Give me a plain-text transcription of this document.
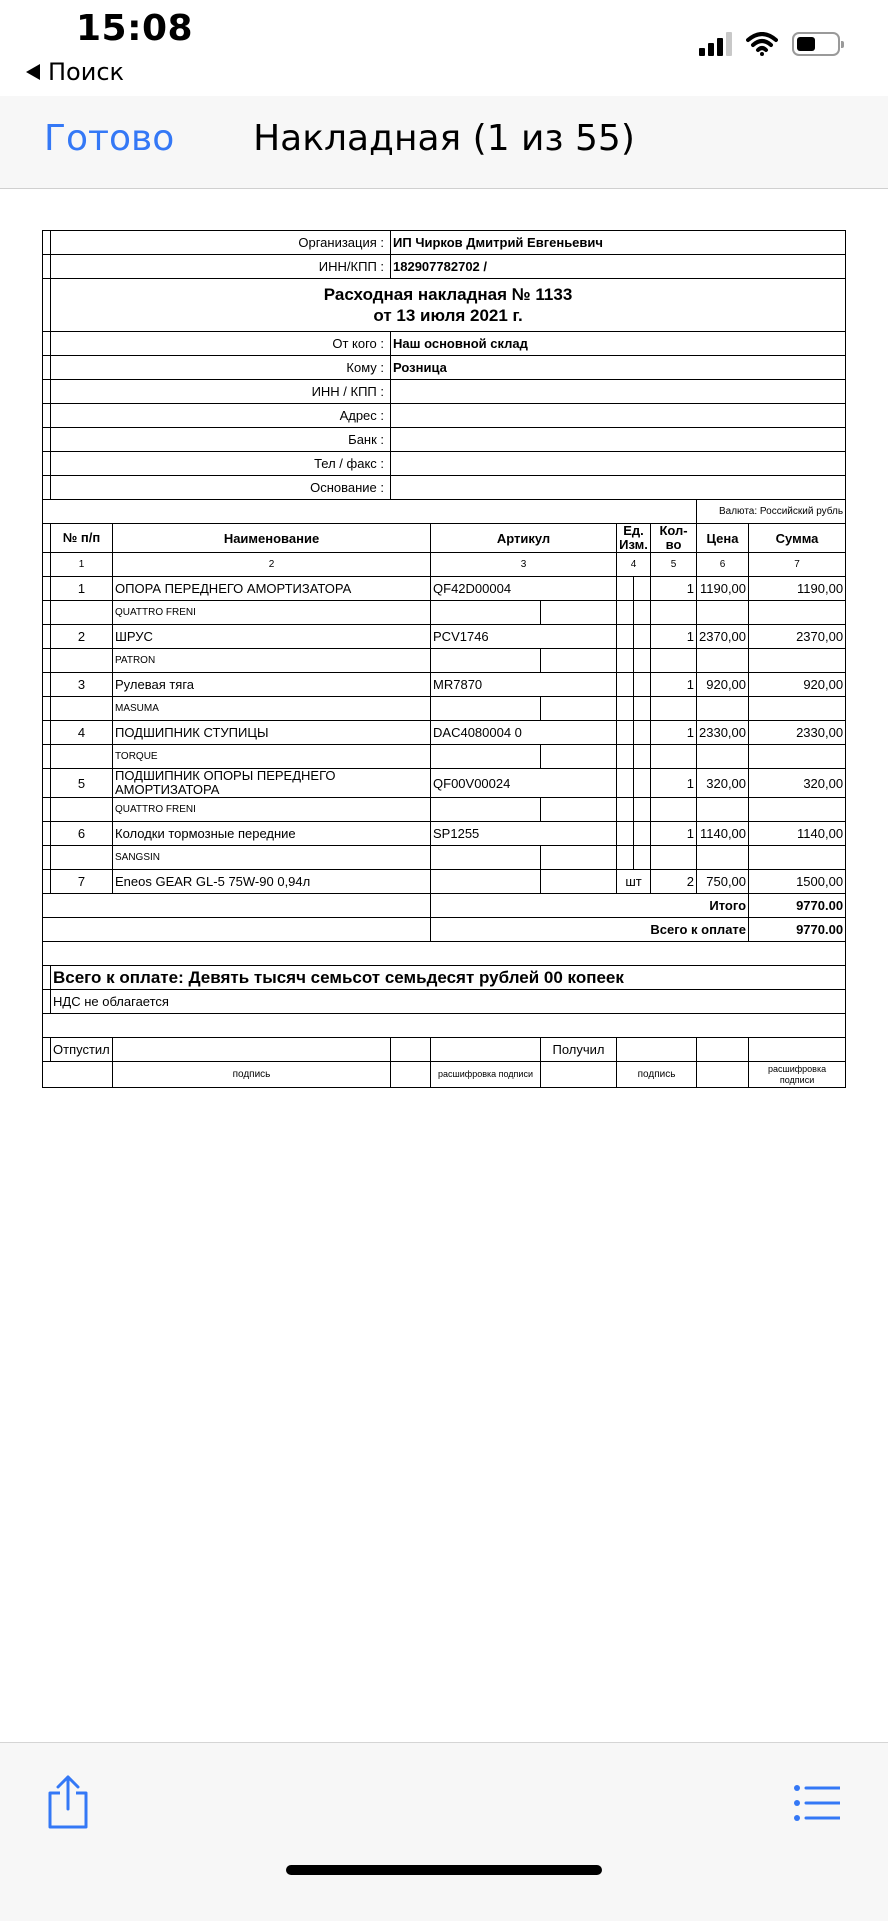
15:08
Поиск
Готово	Накладная (1 из 55)
	Организация :		ИП Чирков Дмитрий Евгеньевич							
	ИНН/КПП :		182907782702 /							

	Расходная накладная № 1133
от 13 июля 2021 г.									

	От кого :		Наш основной склад							
	Кому :		Розница							
	ИНН / КПП :									
	Адрес :									
	Банк :									
	Тел / факс :									
	Основание :									
									Валюта: Российский рубль	
	№ п/п	Наименование		Артикул		Ед. Изм.		Кол-во	Цена	Сумма
	1	2		3		4		5	6	7
	1	ОПОРА ПЕРЕДНЕГО АМОРТИЗАТОРА		QF42D00004				1	1190,00	1190,00
		QUATTRO FRENI								
	2	ШРУС		PCV1746				1	2370,00	2370,00
		PATRON								
	3	Рулевая тяга		MR7870				1	920,00	920,00
		MASUMA								
	4	ПОДШИПНИК СТУПИЦЫ		DAC4080004 0				1	2330,00	2330,00
		TORQUE								
	5	ПОДШИПНИК ОПОРЫ ПЕРЕДНЕГО АМОРТИЗАТОРА		QF00V00024				1	320,00	320,00
		QUATTRO FRENI								
	6	Колодки тормозные передние		SP1255				1	1140,00	1140,00
		SANGSIN								
	7	Eneos GEAR GL-5 75W-90 0,94л				шт		2	750,00	1500,00
				Итого						9770.00
				Всего к оплате						9770.00

	Всего к оплате: Девять тысяч семьсот семьдесят рублей 00 копеек									
	НДС не облагается									

	Отпустил				Получил					
		подпись		расшифровка подписи		подпись				расшифровка подписи
